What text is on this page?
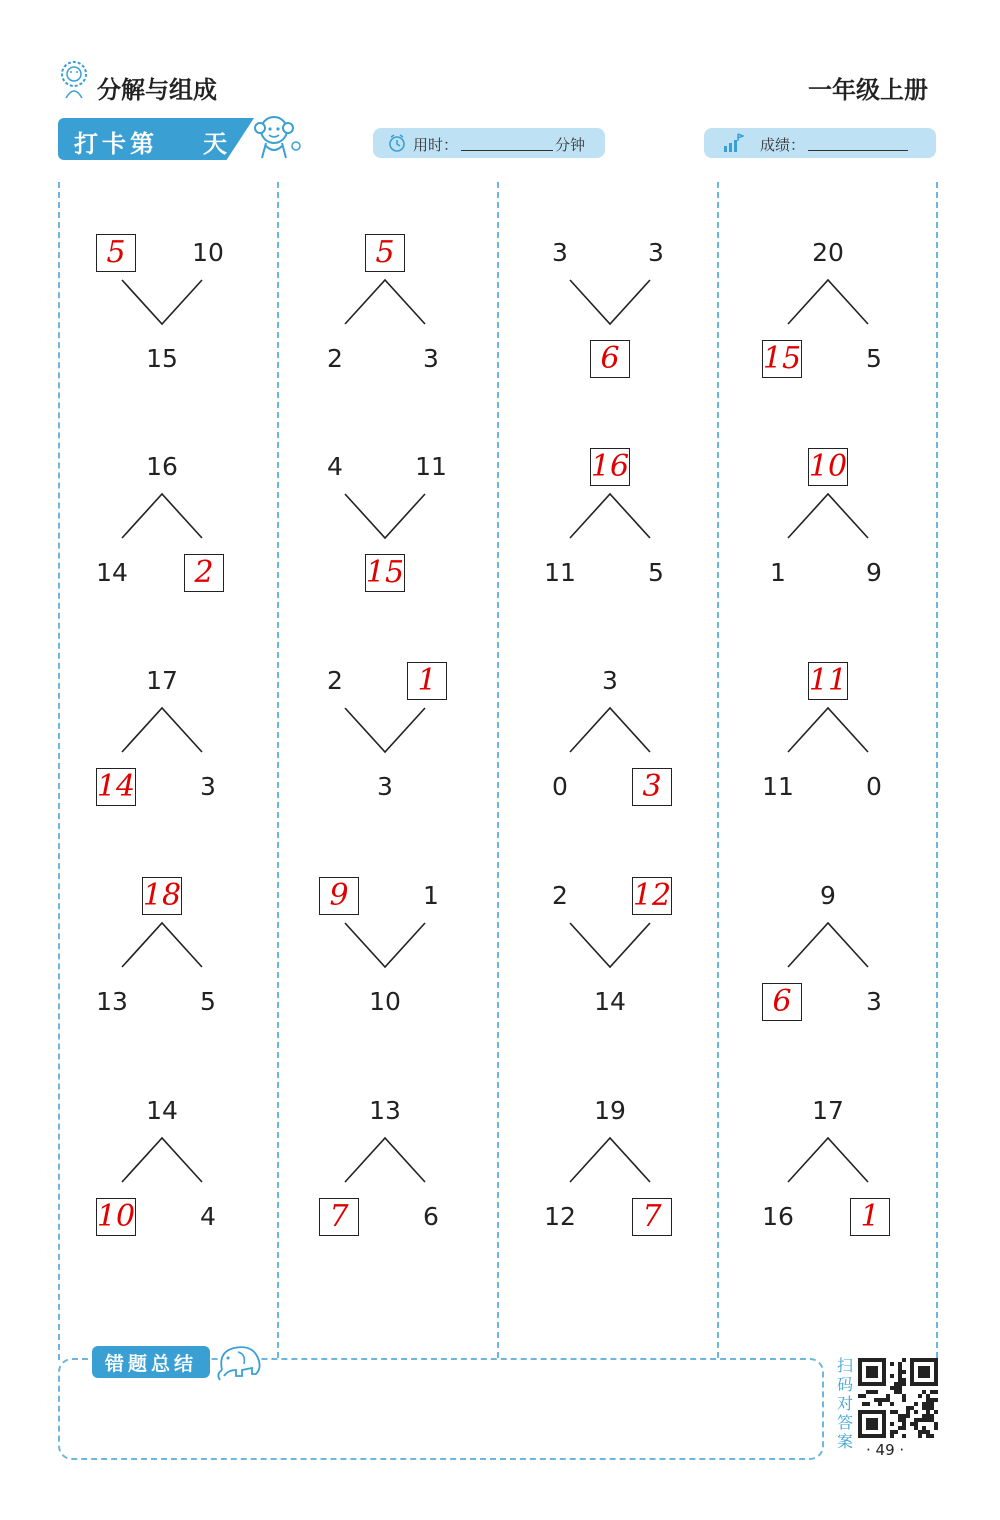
分解与组成	一年级上册
打卡第 天	用时：	分钟	成绩：
5	10
15
16
14 2
17
14	3
18
13	5
14
10	4
5
2	3
4	11
15
2 1
3
9	1
10
13
7	6
3	3
6
16
11	5
3
0 3
2 12
14
19
12 7
20
15	5
10
1	9
11
11	0
9
6	3
17
16 1
错题总结	扫码对答案 · 49 ·
